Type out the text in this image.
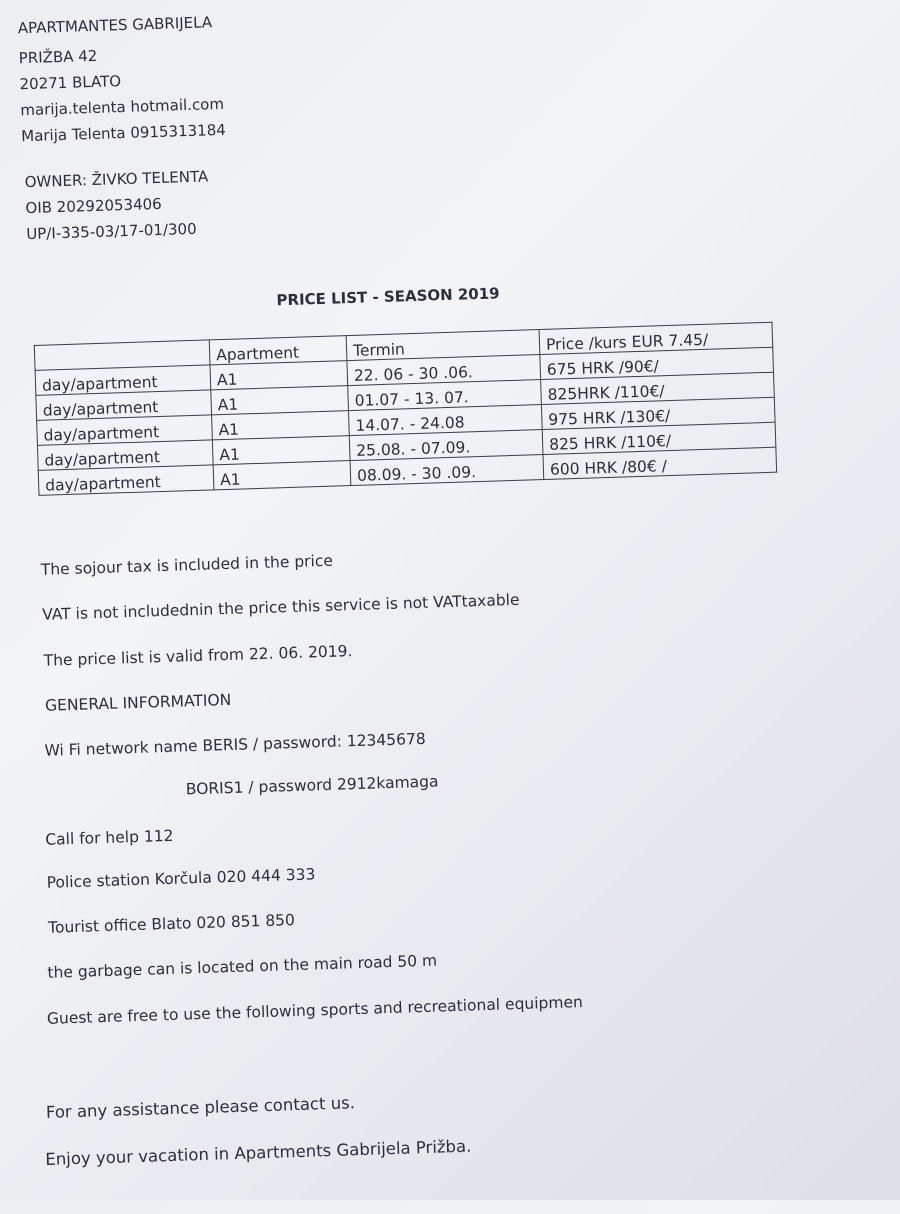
APARTMANTES GABRIJELA
PRIŽBA 42
20271 BLATO
marija.telenta hotmail.com
Marija Telenta 0915313184
OWNER: ŽIVKO TELENTA
OIB 20292053406
UP/I-335-03/17-01/300
PRICE LIST - SEASON 2019
	Apartment	Termin	Price /kurs EUR 7.45/
day/apartment	A1	22. 06 - 30 .06.	675 HRK /90€/
day/apartment	A1	01.07 - 13. 07.	825HRK /110€/
day/apartment	A1	14.07. - 24.08	975 HRK /130€/
day/apartment	A1	25.08. - 07.09.	825 HRK /110€/
day/apartment	A1	08.09. - 30 .09.	600 HRK /80€ /
The sojour tax is included in the price
VAT is not includednin the price this service is not VATtaxable
The price list is valid from 22. 06. 2019.
GENERAL INFORMATION
Wi Fi network name BERIS / password: 12345678
BORIS1 / password 2912kamaga
Call for help 112
Police station Korčula 020 444 333
Tourist office Blato 020 851 850
the garbage can is located on the main road 50 m
Guest are free to use the following sports and recreational equipmen
For any assistance please contact us.
Enjoy your vacation in Apartments Gabrijela Prižba.
